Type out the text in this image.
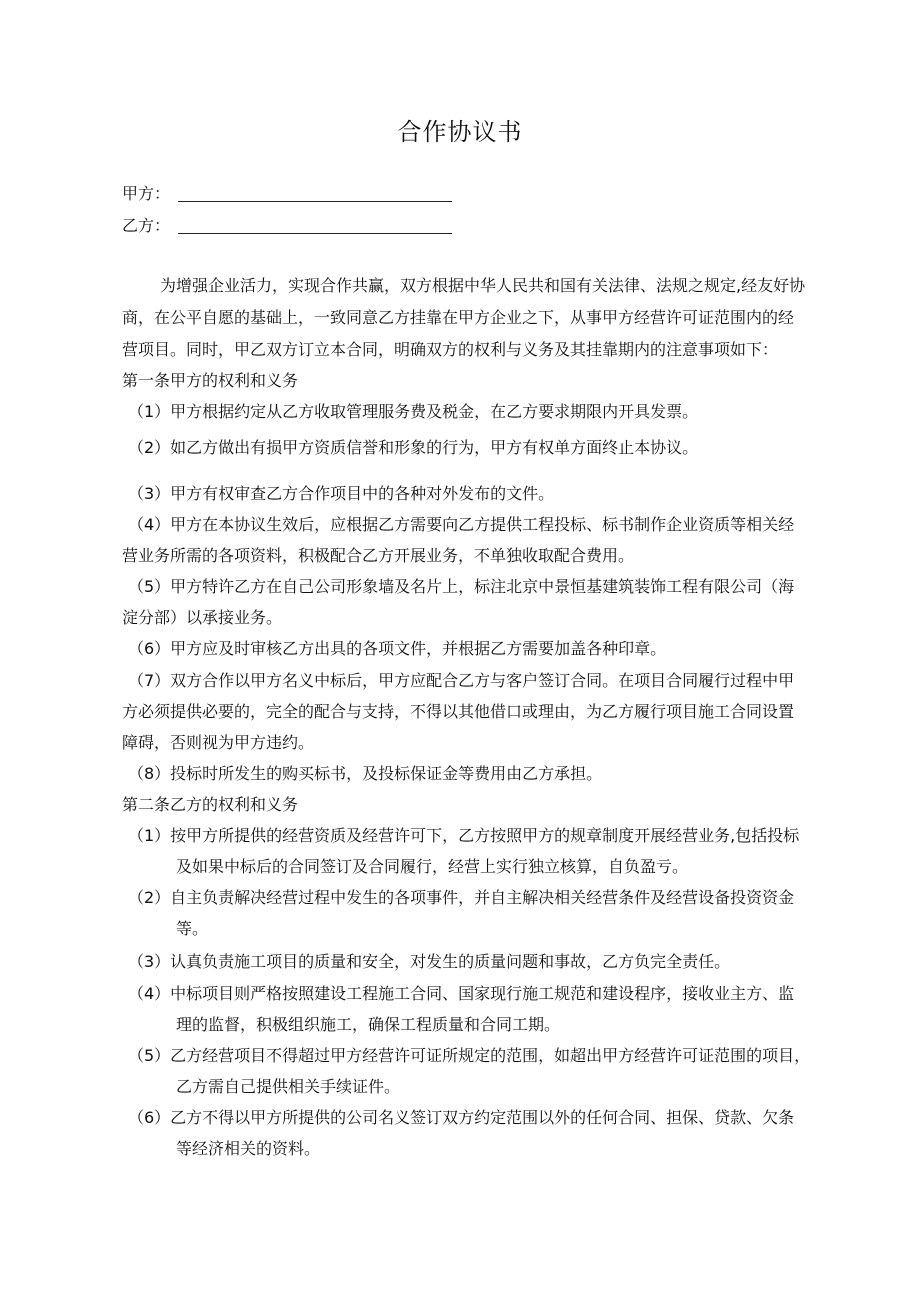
合作协议书
甲方：
乙方：
为增强企业活力，实现合作共赢，双方根据中华人民共和国有关法律、法规之规定,经友好协
商，在公平自愿的基础上，一致同意乙方挂靠在甲方企业之下，从事甲方经营许可证范围内的经
营项目。同时，甲乙双方订立本合同，明确双方的权利与义务及其挂靠期内的注意事项如下：
第一条甲方的权利和义务
（1）甲方根据约定从乙方收取管理服务费及税金，在乙方要求期限内开具发票。
（2）如乙方做出有损甲方资质信誉和形象的行为，甲方有权单方面终止本协议。
（3）甲方有权审查乙方合作项目中的各种对外发布的文件。
（4）甲方在本协议生效后，应根据乙方需要向乙方提供工程投标、标书制作企业资质等相关经
营业务所需的各项资料，积极配合乙方开展业务，不单独收取配合费用。
（5）甲方特许乙方在自己公司形象墙及名片上，标注北京中景恒基建筑装饰工程有限公司（海
淀分部）以承接业务。
（6）甲方应及时审核乙方出具的各项文件，并根据乙方需要加盖各种印章。
（7）双方合作以甲方名义中标后，甲方应配合乙方与客户签订合同。在项目合同履行过程中甲
方必须提供必要的，完全的配合与支持，不得以其他借口或理由，为乙方履行项目施工合同设置
障碍，否则视为甲方违约。
（8）投标时所发生的购买标书，及投标保证金等费用由乙方承担。
第二条乙方的权利和义务
（1）按甲方所提供的经营资质及经营许可下，乙方按照甲方的规章制度开展经营业务,包括投标
及如果中标后的合同签订及合同履行，经营上实行独立核算，自负盈亏。
（2）自主负责解决经营过程中发生的各项事件，并自主解决相关经营条件及经营设备投资资金
等。
（3）认真负责施工项目的质量和安全，对发生的质量问题和事故，乙方负完全责任。
（4）中标项目则严格按照建设工程施工合同、国家现行施工规范和建设程序，接收业主方、监
理的监督，积极组织施工，确保工程质量和合同工期。
（5）乙方经营项目不得超过甲方经营许可证所规定的范围，如超出甲方经营许可证范围的项目，
乙方需自己提供相关手续证件。
（6）乙方不得以甲方所提供的公司名义签订双方约定范围以外的任何合同、担保、贷款、欠条
等经济相关的资料。
